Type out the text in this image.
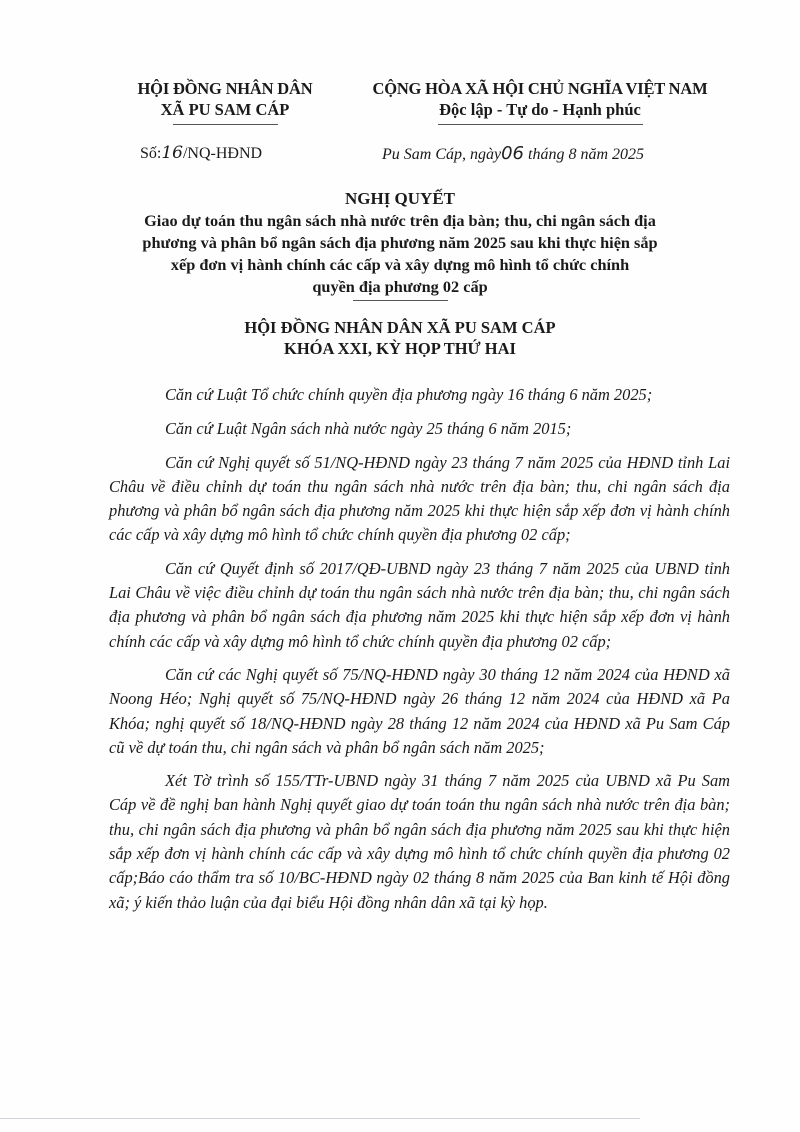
HỘI ĐỒNG NHÂN DÂN
XÃ PU SAM CÁP
CỘNG HÒA XÃ HỘI CHỦ NGHĨA VIỆT NAM
Độc lập - Tự do - Hạnh phúc
Số:16/NQ-HĐND	Pu Sam Cáp, ngày06 tháng 8 năm 2025
NGHỊ QUYẾT
Giao dự toán thu ngân sách nhà nước trên địa bàn; thu, chi ngân sách địa
phương và phân bổ ngân sách địa phương năm 2025 sau khi thực hiện sắp
xếp đơn vị hành chính các cấp và xây dựng mô hình tổ chức chính
quyền địa phương 02 cấp
HỘI ĐỒNG NHÂN DÂN XÃ PU SAM CÁP
KHÓA XXI, KỲ HỌP THỨ HAI

Căn cứ Luật Tổ chức chính quyền địa phương ngày 16 tháng 6 năm 2025;

Căn cứ Luật Ngân sách nhà nước ngày 25 tháng 6 năm 2015;

Căn cứ Nghị quyết số 51/NQ-HĐND ngày 23 tháng 7 năm 2025 của HĐND tỉnh Lai Châu về điều chỉnh dự toán thu ngân sách nhà nước trên địa bàn; thu, chi ngân sách địa phương và phân bổ ngân sách địa phương năm 2025 khi thực hiện sắp xếp đơn vị hành chính các cấp và xây dựng mô hình tổ chức chính quyền địa phương 02 cấp;

Căn cứ Quyết định số 2017/QĐ-UBND ngày 23 tháng 7 năm 2025 của UBND tỉnh Lai Châu về việc điều chỉnh dự toán thu ngân sách nhà nước trên địa bàn; thu, chi ngân sách địa phương và phân bổ ngân sách địa phương năm 2025 khi thực hiện sắp xếp đơn vị hành chính các cấp và xây dựng mô hình tổ chức chính quyền địa phương 02 cấp;

Căn cứ các Nghị quyết số 75/NQ-HĐND ngày 30 tháng 12 năm 2024 của HĐND xã Noong Héo; Nghị quyết số 75/NQ-HĐND ngày 26 tháng 12 năm 2024 của HĐND xã Pa Khóa; nghị quyết số 18/NQ-HĐND ngày 28 tháng 12 năm 2024 của HĐND xã Pu Sam Cáp cũ về dự toán thu, chi ngân sách và phân bổ ngân sách năm 2025;

Xét Tờ trình số 155/TTr-UBND ngày 31 tháng 7 năm 2025 của UBND xã Pu Sam Cáp về đề nghị ban hành Nghị quyết giao dự toán toán thu ngân sách nhà nước trên địa bàn; thu, chi ngân sách địa phương và phân bổ ngân sách địa phương năm 2025 sau khi thực hiện sắp xếp đơn vị hành chính các cấp và xây dựng mô hình tổ chức chính quyền địa phương 02 cấp;Báo cáo thẩm tra số 10/BC-HĐND ngày 02 tháng 8 năm 2025 của Ban kinh tế Hội đồng xã; ý kiến thảo luận của đại biểu Hội đồng nhân dân xã tại kỳ họp.
